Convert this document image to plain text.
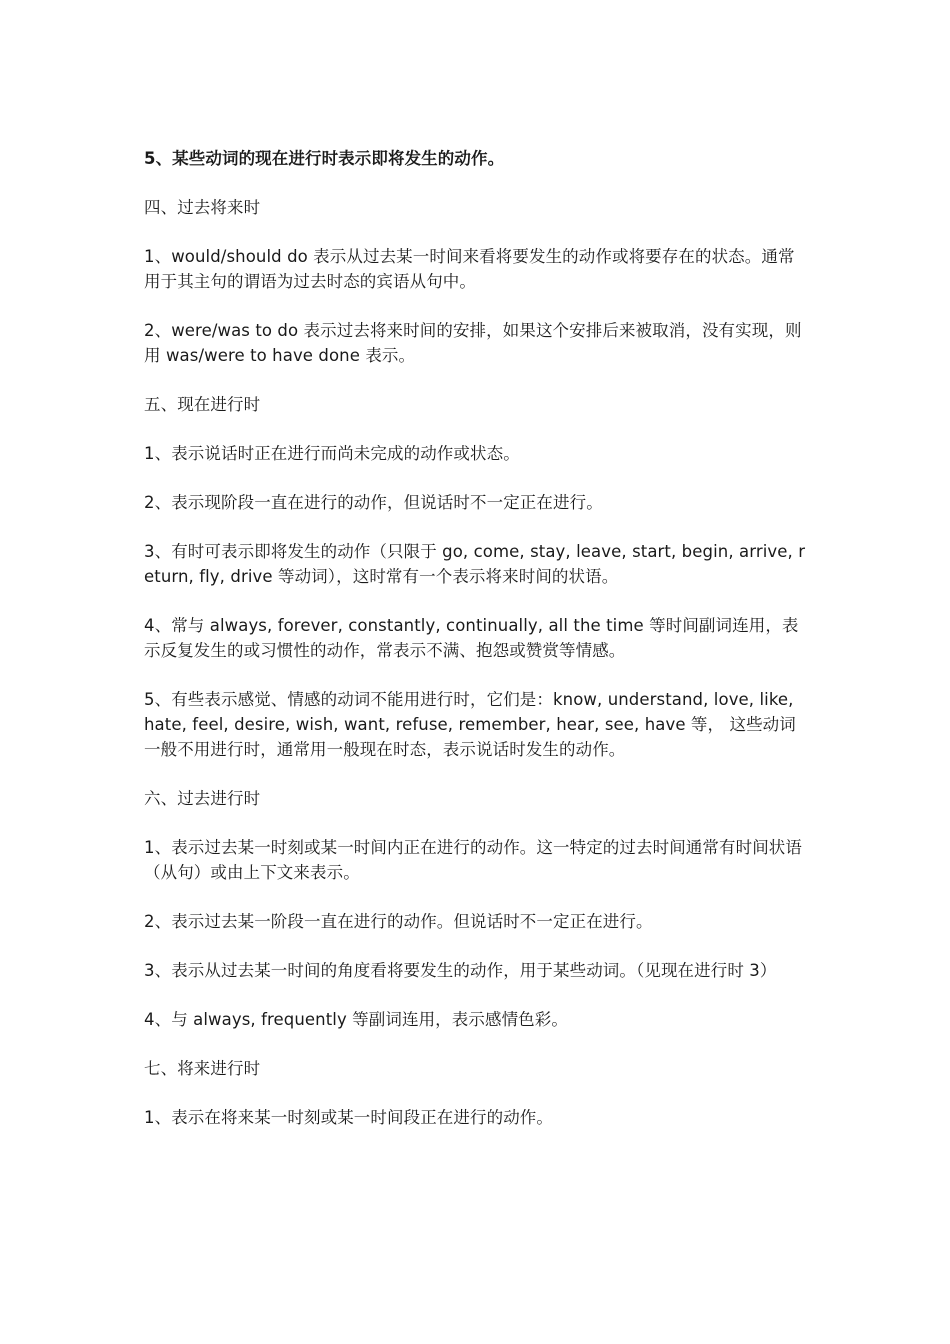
5、某些动词的现在进行时表示即将发生的动作。

四、过去将来时

1、would/should do 表示从过去某一时间来看将要发生的动作或将要存在的状态。通常用于其主句的谓语为过去时态的宾语从句中。

2、were/was to do 表示过去将来时间的安排，如果这个安排后来被取消，没有实现，则用 was/were to have done 表示。

五、现在进行时

1、表示说话时正在进行而尚未完成的动作或状态。

2、表示现阶段一直在进行的动作，但说话时不一定正在进行。

3、有时可表示即将发生的动作（只限于 go, come, stay, leave, start, begin, arrive, return, fly, drive 等动词），这时常有一个表示将来时间的状语。

4、常与 always, forever, constantly, continually, all the time 等时间副词连用，表示反复发生的或习惯性的动作，常表示不满、抱怨或赞赏等情感。

5、有些表示感觉、情感的动词不能用进行时，它们是：know, understand, love, like, hate, feel, desire, wish, want, refuse, remember, hear, see, have 等， 这些动词一般不用进行时，通常用一般现在时态，表示说话时发生的动作。

六、过去进行时

1、表示过去某一时刻或某一时间内正在进行的动作。这一特定的过去时间通常有时间状语（从句）或由上下文来表示。

2、表示过去某一阶段一直在进行的动作。但说话时不一定正在进行。

3、表示从过去某一时间的角度看将要发生的动作，用于某些动词。（见现在进行时 3）

4、与 always, frequently 等副词连用，表示感情色彩。

七、将来进行时

1、表示在将来某一时刻或某一时间段正在进行的动作。
